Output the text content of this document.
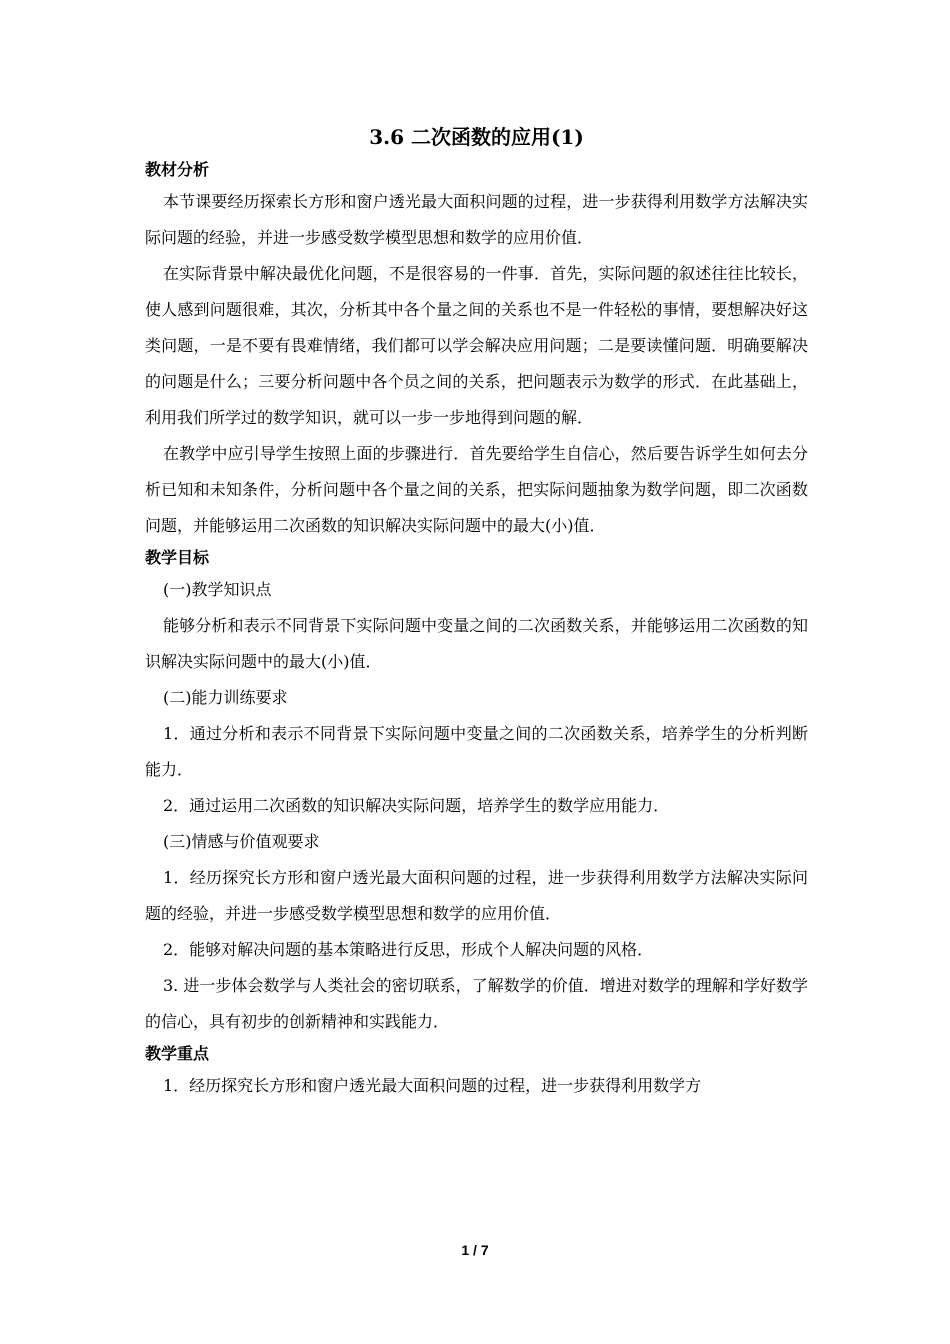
3.6 二次函数的应用(1)

教材分析

本节课要经历探索长方形和窗户透光最大面积问题的过程，进一步获得利用数学方法解决实际问题的经验，并进一步感受数学模型思想和数学的应用价值．

在实际背景中解决最优化问题，不是很容易的一件事．首先，实际问题的叙述往往比较长，使人感到问题很难，其次，分析其中各个量之间的关系也不是一件轻松的事情，要想解决好这类问题，一是不要有畏难情绪，我们都可以学会解决应用问题；二是要读懂问题．明确要解决的问题是什么；三要分析问题中各个员之间的关系，把问题表示为数学的形式．在此基础上，利用我们所学过的数学知识，就可以一步一步地得到问题的解．

在教学中应引导学生按照上面的步骤进行．首先要给学生自信心，然后要告诉学生如何去分析已知和未知条件，分析问题中各个量之间的关系，把实际问题抽象为数学问题，即二次函数问题，并能够运用二次函数的知识解决实际问题中的最大(小)值．

教学目标

(一)教学知识点

能够分析和表示不同背景下实际问题中变量之间的二次函数关系，并能够运用二次函数的知识解决实际问题中的最大(小)值．

(二)能力训练要求

1．通过分析和表示不同背景下实际问题中变量之间的二次函数关系，培养学生的分析判断能力．

2．通过运用二次函数的知识解决实际问题，培养学生的数学应用能力．

(三)情感与价值观要求

1．经历探究长方形和窗户透光最大面积问题的过程，进一步获得利用数学方法解决实际问题的经验，并进一步感受数学模型思想和数学的应用价值．

2．能够对解决问题的基本策略进行反思，形成个人解决问题的风格．

3. 进一步体会数学与人类社会的密切联系，了解数学的价值．增进对数学的理解和学好数学的信心，具有初步的创新精神和实践能力．

教学重点

1．经历探究长方形和窗户透光最大面积问题的过程，进一步获得利用数学方

1 / 7
